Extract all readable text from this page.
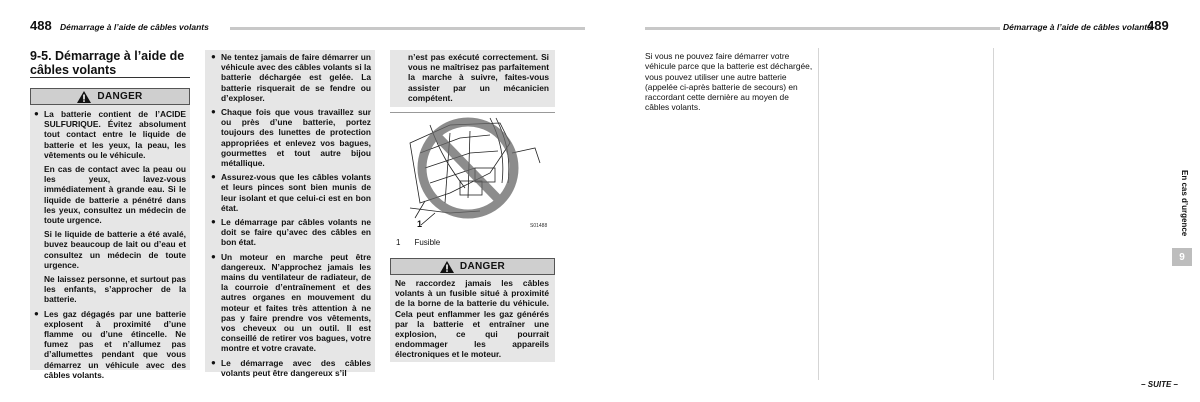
488 Démarrage à l’aide de câbles volants	Démarrage à l’aide de câbles volants
489
9-5. Démarrage à l’aide de
câbles volants
DANGER
● La batterie contient de l’ACIDE SULFURIQUE. Évitez absolument tout contact entre le liquide de batterie et les yeux, la peau, les vêtements ou le véhicule.

En cas de contact avec la peau ou les yeux, lavez-vous immédiatement à grande eau. Si le liquide de batterie a pénétré dans les yeux, consultez un médecin de toute urgence.

Si le liquide de batterie a été avalé, buvez beaucoup de lait ou d’eau et consultez un médecin de toute urgence.

Ne laissez personne, et surtout pas les enfants, s’approcher de la batterie.

● Les gaz dégagés par une batterie explosent à proximité d’une flamme ou d’une étincelle. Ne fumez pas et n’allumez pas d’allumettes pendant que vous démarrez un véhicule avec des câbles volants.

● Ne tentez jamais de faire démarrer un véhicule avec des câbles volants si la batterie déchargée est gelée. La batterie risquerait de se fendre ou d’exploser.

● Chaque fois que vous travaillez sur ou près d’une batterie, portez toujours des lunettes de protection appropriées et enlevez vos bagues, gourmettes et tout autre bijou métallique.

● Assurez-vous que les câbles volants et leurs pinces sont bien munis de leur isolant et que celui-ci est en bon état.

● Le démarrage par câbles volants ne doit se faire qu’avec des câbles en bon état.

● Un moteur en marche peut être dangereux. N’approchez jamais les mains du ventilateur de radiateur, de la courroie d’entraînement et des autres organes en mouvement du moteur et faites très attention à ne pas y faire prendre vos vêtements, vos cheveux ou un outil. Il est conseillé de retirer vos bagues, votre montre et votre cravate.

● Le démarrage avec des câbles volants peut être dangereux s’il

n’est pas exécuté correctement. Si vous ne maîtrisez pas parfaitement la marche à suivre, faites-vous assister par un mécanicien compétent.

1	S01488
1 Fusible
DANGER

Ne raccordez jamais les câbles volants à un fusible situé à proximité de la borne de la batterie du véhicule. Cela peut enflammer les gaz générés par la batterie et entraîner une explosion, ce qui pourrait endommager les appareils électroniques et le moteur.

Si vous ne pouvez faire démarrer votre véhicule parce que la batterie est déchargée, vous pouvez utiliser une autre batterie (appelée ci-après batterie de secours) en raccordant cette dernière au moyen de câbles volants.
En cas d’urgence
9
– SUITE –
